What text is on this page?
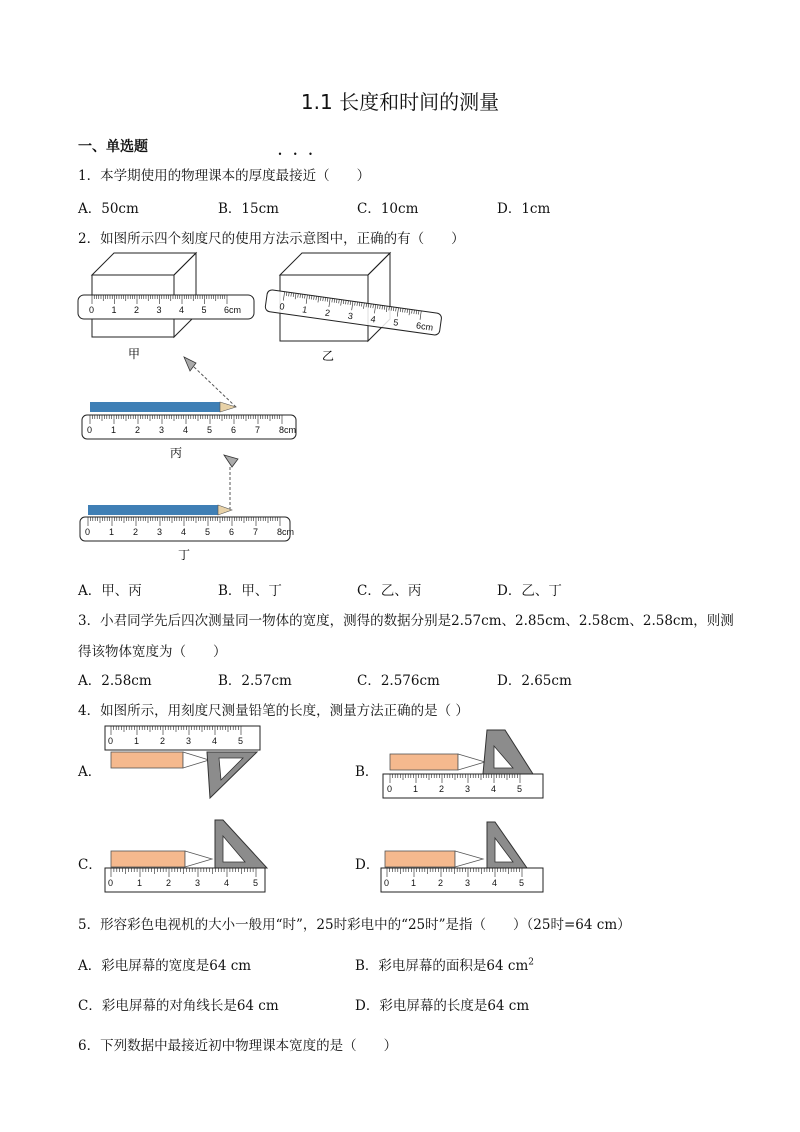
1.1 长度和时间的测量
一、单选题
1．本学期使用的物理课本的厚度
• • •
最接近（　　）
A．50cm	B．15cm	C．10cm	D．1cm
2．如图所示四个刻度尺的使用方法示意图中，正确的有（　　）
0 1 2 3 4 5 6cm
甲
0 1 2 3 4 5 6cm
乙
0 1 2 3 4 5 6 7 8cm
丙
0 1 2 3 4 5 6 7 8cm
丁
A．甲、丙	B．甲、丁	C．乙、丙	D．乙、丁
3．小君同学先后四次测量同一物体的宽度，测得的数据分别是2.57cm、2.85cm、2.58cm、2.58cm，则测
得该物体宽度为（　　）
A．2.58cm	B．2.57cm	C．2.576cm	D．2.65cm
4．如图所示，用刻度尺测量铅笔的长度，测量方法正确的是（ ）
A．	B．
C．	D．
0 1 2 3 4 5
0 1 2 3 4 5
0	1	2	3	4	5	0 1 2 3 4 5
5．形容彩色电视机的大小一般用“时”，25时彩电中的“25时”是指（　　）（25时=64 cm）
A．彩电屏幕的宽度是64 cm	B．彩电屏幕的面积是64 $cm^2$
C．彩电屏幕的对角线长是64 cm	D．彩电屏幕的长度是64 cm
6．下列数据中最接近初中物理课本宽度的是（　　）
